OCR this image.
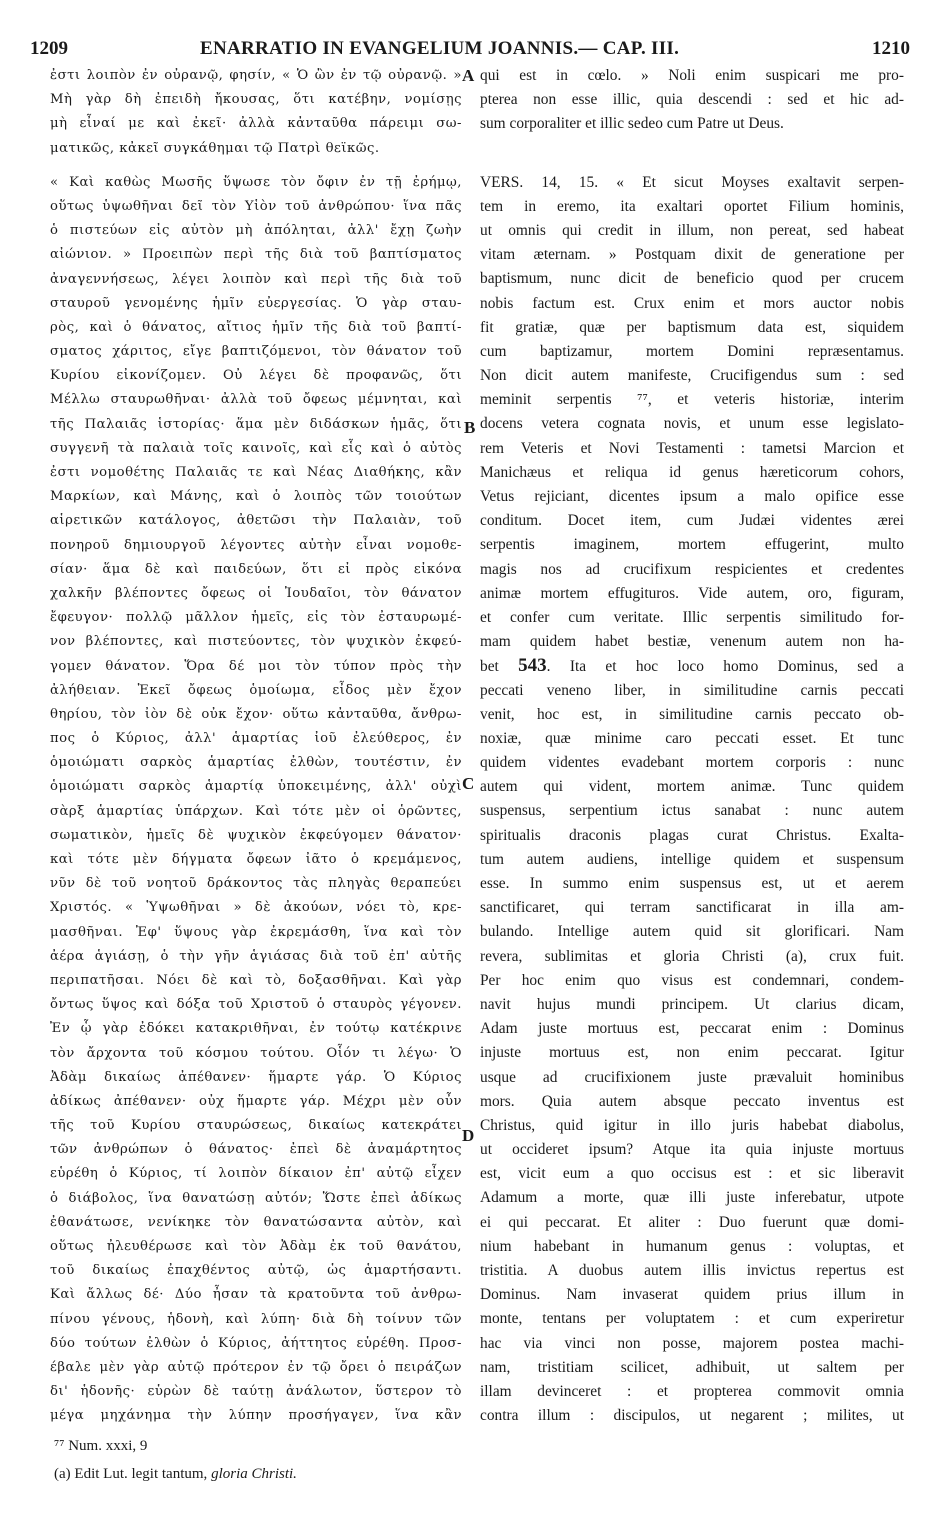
1209	ENARRATIO IN EVANGELIUM JOANNIS.— CAP. III.	1210
ἐστι λοιπὸν ἐν οὐρανῷ, φησίν, « Ὁ ὢν ἐν τῷ οὐρανῷ. »
Μὴ γὰρ δὴ ἐπειδὴ ἤκουσας, ὅτι κατέβην, νομίσῃς
μὴ εἶναί με καὶ ἐκεῖ· ἀλλὰ κἀνταῦθα πάρειμι σω-
ματικῶς, κἀκεῖ συγκάθημαι τῷ Πατρὶ θεϊκῶς.
« Καὶ καθὼς Μωσῆς ὕψωσε τὸν ὄφιν ἐν τῇ ἐρήμῳ,
οὕτως ὑψωθῆναι δεῖ τὸν Υἱὸν τοῦ ἀνθρώπου· ἵνα πᾶς
ὁ πιστεύων εἰς αὐτὸν μὴ ἀπόληται, ἀλλ' ἔχῃ ζωὴν
αἰώνιον. » Προειπὼν περὶ τῆς διὰ τοῦ βαπτίσματος
ἀναγεννήσεως, λέγει λοιπὸν καὶ περὶ τῆς διὰ τοῦ
σταυροῦ γενομένης ἡμῖν εὐεργεσίας. Ὁ γὰρ σταυ-
ρὸς, καὶ ὁ θάνατος, αἴτιος ἡμῖν τῆς διὰ τοῦ βαπτί-
σματος χάριτος, εἴγε βαπτιζόμενοι, τὸν θάνατον τοῦ
Κυρίου εἰκονίζομεν. Οὐ λέγει δὲ προφανῶς, ὅτι
Μέλλω σταυρωθῆναι· ἀλλὰ τοῦ ὄφεως μέμνηται, καὶ
τῆς Παλαιᾶς ἱστορίας· ἅμα μὲν διδάσκων ἡμᾶς, ὅτι
συγγενῆ τὰ παλαιὰ τοῖς καινοῖς, καὶ εἷς καὶ ὁ αὐτὸς
ἐστι νομοθέτης Παλαιᾶς τε καὶ Νέας Διαθήκης, κἂν
Μαρκίων, καὶ Μάνης, καὶ ὁ λοιπὸς τῶν τοιούτων
αἱρετικῶν κατάλογος, ἀθετῶσι τὴν Παλαιὰν, τοῦ
πονηροῦ δημιουργοῦ λέγοντες αὐτὴν εἶναι νομοθε-
σίαν· ἅμα δὲ καὶ παιδεύων, ὅτι εἰ πρὸς εἰκόνα
χαλκῆν βλέποντες ὄφεως οἱ Ἰουδαῖοι, τὸν θάνατον
ἔφευγον· πολλῷ μᾶλλον ἡμεῖς, εἰς τὸν ἐσταυρωμέ-
νον βλέποντες, καὶ πιστεύοντες, τὸν ψυχικὸν ἐκφεύ-
γομεν θάνατον. Ὅρα δέ μοι τὸν τύπον πρὸς τὴν
ἀλήθειαν. Ἐκεῖ ὄφεως ὁμοίωμα, εἶδος μὲν ἔχον
θηρίου, τὸν ἰὸν δὲ οὐκ ἔχον· οὕτω κἀνταῦθα, ἄνθρω-
πος ὁ Κύριος, ἀλλ' ἁμαρτίας ἰοῦ ἐλεύθερος, ἐν
ὁμοιώματι σαρκὸς ἁμαρτίας ἐλθὼν, τουτέστιν, ἐν
ὁμοιώματι σαρκὸς ἁμαρτίᾳ ὑποκειμένης, ἀλλ' οὐχὶ
σὰρξ ἁμαρτίας ὑπάρχων. Καὶ τότε μὲν οἱ ὁρῶντες,
σωματικὸν, ἡμεῖς δὲ ψυχικὸν ἐκφεύγομεν θάνατον·
καὶ τότε μὲν δήγματα ὄφεων ἰᾶτο ὁ κρεμάμενος,
νῦν δὲ τοῦ νοητοῦ δράκοντος τὰς πληγὰς θεραπεύει
Χριστός. « Ὑψωθῆναι » δὲ ἀκούων, νόει τὸ, κρε-
μασθῆναι. Ἐφ' ὕψους γὰρ ἐκρεμάσθη, ἵνα καὶ τὸν
ἀέρα ἁγιάσῃ, ὁ τὴν γῆν ἁγιάσας διὰ τοῦ ἐπ' αὐτῆς
περιπατῆσαι. Νόει δὲ καὶ τὸ, δοξασθῆναι. Καὶ γὰρ
ὄντως ὕψος καὶ δόξα τοῦ Χριστοῦ ὁ σταυρὸς γέγονεν.
Ἐν ᾧ γὰρ ἐδόκει κατακριθῆναι, ἐν τούτῳ κατέκρινε
τὸν ἄρχοντα τοῦ κόσμου τούτου. Οἷόν τι λέγω· Ὁ
Ἀδὰμ δικαίως ἀπέθανεν· ἥμαρτε γάρ. Ὁ Κύριος
ἀδίκως ἀπέθανεν· οὐχ ἥμαρτε γάρ. Μέχρι μὲν οὖν
τῆς τοῦ Κυρίου σταυρώσεως, δικαίως κατεκράτει
τῶν ἀνθρώπων ὁ θάνατος· ἐπεὶ δὲ ἀναμάρτητος
εὑρέθη ὁ Κύριος, τί λοιπὸν δίκαιον ἐπ' αὐτῷ εἶχεν
ὁ διάβολος, ἵνα θανατώσῃ αὐτόν; Ὥστε ἐπεὶ ἀδίκως
ἐθανάτωσε, νενίκηκε τὸν θανατώσαντα αὐτὸν, καὶ
οὕτως ἠλευθέρωσε καὶ τὸν Ἀδὰμ ἐκ τοῦ θανάτου,
τοῦ δικαίως ἐπαχθέντος αὐτῷ, ὡς ἁμαρτήσαντι.
Καὶ ἄλλως δέ· Δύο ἦσαν τὰ κρατοῦντα τοῦ ἀνθρω-
πίνου γένους, ἡδονὴ, καὶ λύπη· διὰ δὴ τοίνυν τῶν
δύο τούτων ἐλθὼν ὁ Κύριος, ἀήττητος εὑρέθη. Προσ-
έβαλε μὲν γὰρ αὐτῷ πρότερον ἐν τῷ ὄρει ὁ πειράζων
δι' ἡδονῆς· εὑρὼν δὲ ταύτῃ ἀνάλωτον, ὕστερον τὸ
μέγα μηχάνημα τὴν λύπην προσήγαγεν, ἵνα κἂν
qui est in cœlo. » Noli enim suspicari me pro-
pterea non esse illic, quia descendi : sed et hic ad-
sum corporaliter et illic sedeo cum Patre ut Deus.
VERS. 14, 15. « Et sicut Moyses exaltavit serpen-
tem in eremo, ita exaltari oportet Filium hominis,
ut omnis qui credit in illum, non pereat, sed habeat
vitam æternam. » Postquam dixit de generatione per
baptismum, nunc dicit de beneficio quod per crucem
nobis factum est. Crux enim et mors auctor nobis
fit gratiæ, quæ per baptismum data est, siquidem
cum baptizamur, mortem Domini repræsentamus.
Non dicit autem manifeste, Crucifigendus sum : sed
meminit serpentis ⁷⁷, et veteris historiæ, interim
docens vetera cognata novis, et unum esse legislato-
rem Veteris et Novi Testamenti : tametsi Marcion et
Manichæus et reliqua id genus hæreticorum cohors,
Vetus rejiciant, dicentes ipsum a malo opifice esse
conditum. Docet item, cum Judæi videntes æreі
serpentis imaginem, mortem effugerint, multo
magis nos ad crucifixum respicientes et credentes
animæ mortem effugituros. Vide autem, oro, figuram,
et confer cum veritate. Illic serpentis similitudo for-
mam quidem habet bestiæ, venenum autem non ha-
bet 543. Ita et hoc loco homo Dominus, sed a
peccati veneno liber, in similitudine carnis peccati
venit, hoc est, in similitudine carnis peccato ob-
noxiæ, quæ minime caro peccati esset. Et tunc
quidem videntes evadebant mortem corporis : nunc
autem qui vident, mortem animæ. Tunc quidem
suspensus, serpentium ictus sanabat : nunc autem
spiritualis draconis plagas curat Christus. Exalta-
tum autem audiens, intellige quidem et suspensum
esse. In summo enim suspensus est, ut et aerem
sanctificaret, qui terram sanctificarat in illa am-
bulando. Intellige autem quid sit glorificari. Nam
revera, sublimitas et gloria Christi (a), crux fuit.
Per hoc enim quo visus est condemnari, condem-
navit hujus mundi principem. Ut clarius dicam,
Adam juste mortuus est, peccarat enim : Dominus
injuste mortuus est, non enim peccarat. Igitur
usque ad crucifixionem juste prævaluit hominibus
mors. Quia autem absque peccato inventus est
Christus, quid igitur in illo juris habebat diabolus,
ut occideret ipsum? Atque ita quia injuste mortuus
est, vicit eum a quo occisus est : et sic liberavit
Adamum a morte, quæ illi juste inferebatur, utpote
ei qui peccarat. Et aliter : Duo fuerunt quæ domi-
nium habebant in humanum genus : voluptas, et
tristitia. A duobus autem illis invictus repertus est
Dominus. Nam invaserat quidem prius illum in
monte, tentans per voluptatem : et cum experiretur
hac via vinci non posse, majorem postea machi-
nam, tristitiam scilicet, adhibuit, ut saltem per
illam devinceret : et propterea commovit omnia
contra illum : discipulos, ut negarent ; milites, ut
A
B
C
D
⁷⁷ Num. xxxi, 9
(a) Edit Lut. legit tantum, gloria Christi.
